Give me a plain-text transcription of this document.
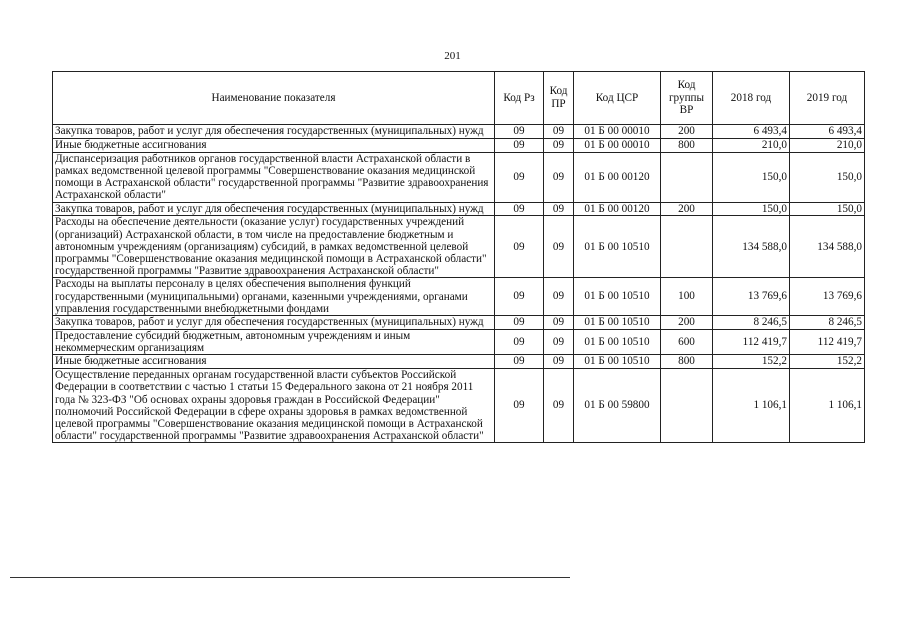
201
Наименование показателя	Код Рз	Код ПР	Код ЦСР	Код группы ВР	2018 год	2019 год
Закупка товаров, работ и услуг для обеспечения государственных (муниципальных) нужд	09	09	01 Б 00 00010	200	6 493,4	6 493,4
Иные бюджетные ассигнования	09	09	01 Б 00 00010	800	210,0	210,0
Диспансеризация работников органов государственной власти Астраханской области в рамках ведомственной целевой программы "Совершенствование оказания медицинской помощи в Астраханской области" государственной программы "Развитие здравоохранения Астраханской области"	09	09	01 Б 00 00120		150,0	150,0
Закупка товаров, работ и услуг для обеспечения государственных (муниципальных) нужд	09	09	01 Б 00 00120	200	150,0	150,0
Расходы на обеспечение деятельности (оказание услуг) государственных учреждений (организаций) Астраханской области, в том числе на предоставление бюджетным и автономным учреждениям (организациям) субсидий, в рамках ведомственной целевой программы "Совершенствование оказания медицинской помощи в Астраханской области" государственной программы "Развитие здравоохранения Астраханской области"	09	09	01 Б 00 10510		134 588,0	134 588,0
Расходы на выплаты персоналу в целях обеспечения выполнения функций государственными (муниципальными) органами, казенными учреждениями, органами управления государственными внебюджетными фондами	09	09	01 Б 00 10510	100	13 769,6	13 769,6
Закупка товаров, работ и услуг для обеспечения государственных (муниципальных) нужд	09	09	01 Б 00 10510	200	8 246,5	8 246,5
Предоставление субсидий бюджетным, автономным учреждениям и иным некоммерческим организациям	09	09	01 Б 00 10510	600	112 419,7	112 419,7
Иные бюджетные ассигнования	09	09	01 Б 00 10510	800	152,2	152,2
Осуществление переданных органам государственной власти субъектов Российской Федерации в соответствии с частью 1 статьи 15 Федерального закона от 21 ноября 2011 года № 323-ФЗ "Об основах охраны здоровья граждан в Российской Федерации" полномочий Российской Федерации в сфере охраны здоровья в рамках ведомственной целевой программы "Совершенствование оказания медицинской помощи в Астраханской области" государственной программы "Развитие здравоохранения Астраханской области"	09	09	01 Б 00 59800		1 106,1	1 106,1
